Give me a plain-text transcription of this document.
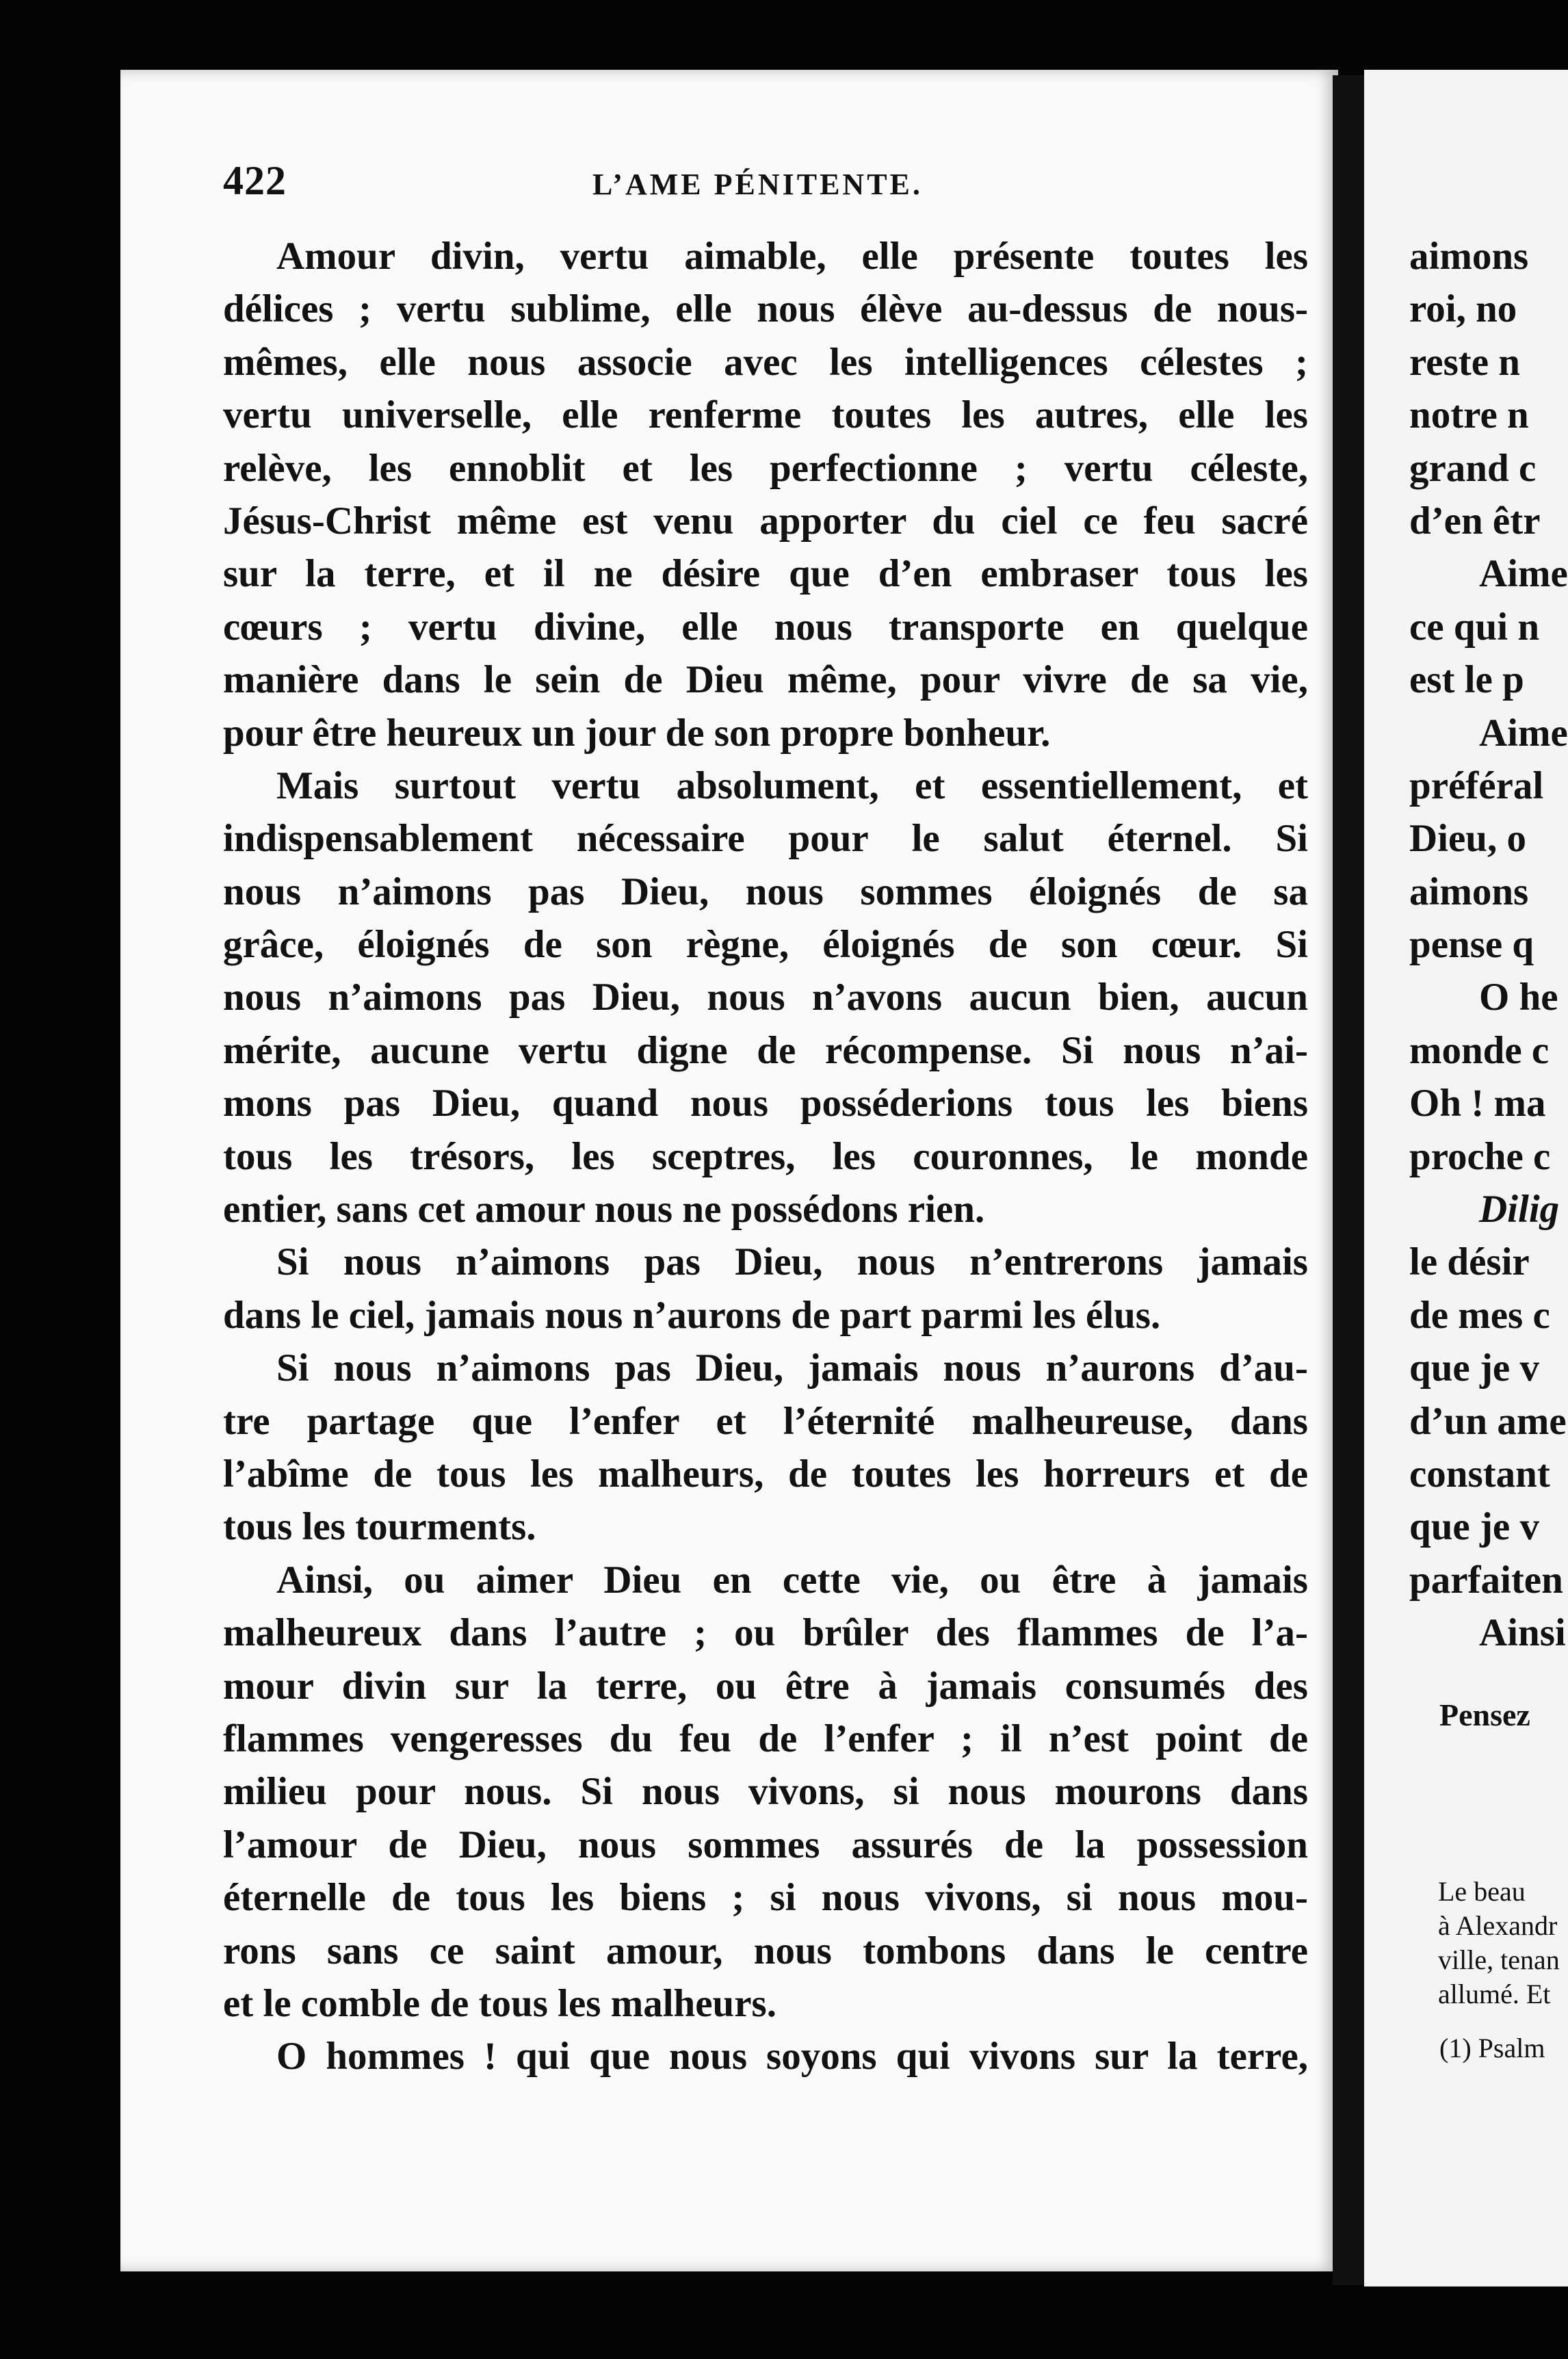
422	L’AME PÉNITENTE.
Amour divin, vertu aimable, elle présente toutes les
délices ; vertu sublime, elle nous élève au-dessus de nous-
mêmes, elle nous associe avec les intelligences célestes ;
vertu universelle, elle renferme toutes les autres, elle les
relève, les ennoblit et les perfectionne ; vertu céleste,
Jésus-Christ même est venu apporter du ciel ce feu sacré
sur la terre, et il ne désire que d’en embraser tous les
cœurs ; vertu divine, elle nous transporte en quelque
manière dans le sein de Dieu même, pour vivre de sa vie,
pour être heureux un jour de son propre bonheur.
Mais surtout vertu absolument, et essentiellement, et
indispensablement nécessaire pour le salut éternel. Si
nous n’aimons pas Dieu, nous sommes éloignés de sa
grâce, éloignés de son règne, éloignés de son cœur. Si
nous n’aimons pas Dieu, nous n’avons aucun bien, aucun
mérite, aucune vertu digne de récompense. Si nous n’ai-
mons pas Dieu, quand nous posséderions tous les biens
tous les trésors, les sceptres, les couronnes, le monde
entier, sans cet amour nous ne possédons rien.
Si nous n’aimons pas Dieu, nous n’entrerons jamais
dans le ciel, jamais nous n’aurons de part parmi les élus.
Si nous n’aimons pas Dieu, jamais nous n’aurons d’au-
tre partage que l’enfer et l’éternité malheureuse, dans
l’abîme de tous les malheurs, de toutes les horreurs et de
tous les tourments.
Ainsi, ou aimer Dieu en cette vie, ou être à jamais
malheureux dans l’autre ; ou brûler des flammes de l’a-
mour divin sur la terre, ou être à jamais consumés des
flammes vengeresses du feu de l’enfer ; il n’est point de
milieu pour nous. Si nous vivons, si nous mourons dans
l’amour de Dieu, nous sommes assurés de la possession
éternelle de tous les biens ; si nous vivons, si nous mou-
rons sans ce saint amour, nous tombons dans le centre
et le comble de tous les malheurs.
O hommes ! qui que nous soyons qui vivons sur la terre,
aimons
roi, no
reste n
notre n
grand c
d’en êtr
Aime
ce qui n
est le p
Aime
préféral
Dieu, o
aimons
pense q
O he
monde c
Oh ! ma
proche c
Dilig
le désir
de mes c
que je v
d’un ame
constant
que je v
parfaiten
Ainsi
Pensez
Le beau
à Alexandr
ville, tenan
allumé. Et
(1) Psalm
